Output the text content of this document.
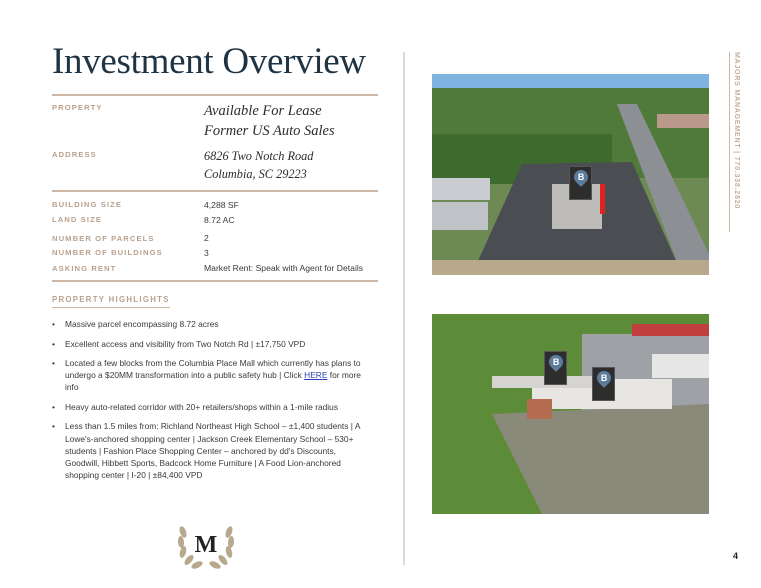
Investment Overview
PROPERTY	Available For Lease
Former US Auto Sales
ADDRESS	6826 Two Notch Road
Columbia, SC 29223
BUILDING SIZE	4,288 SF
LAND SIZE	8.72 AC
NUMBER OF PARCELS	2
NUMBER OF BUILDINGS	3
ASKING RENT	Market Rent: Speak with Agent for Details
PROPERTY HIGHLIGHTS
• Massive parcel encompassing 8.72 acres
• Excellent access and visibility from Two Notch Rd | ±17,750 VPD
• Located a few blocks from the Columbia Place Mall which currently has plans to undergo a $20MM transformation into a public safety hub | Click HERE for more info
• Heavy auto-related corridor with 20+ retailers/shops within a 1-mile radius
• Less than 1.5 miles from: Richland Northeast High School – ±1,400 students | A Lowe's-anchored shopping center | Jackson Creek Elementary School – 530+ students | Fashion Place Shopping Center – anchored by dd's Discounts, Goodwill, Hibbett Sports, Badcock Home Furniture | A Food Lion-anchored shopping center | I-20 | ±84,400 VPD
M
B
B
B
MAJORS MANAGEMENT | 770.338.2820
4
